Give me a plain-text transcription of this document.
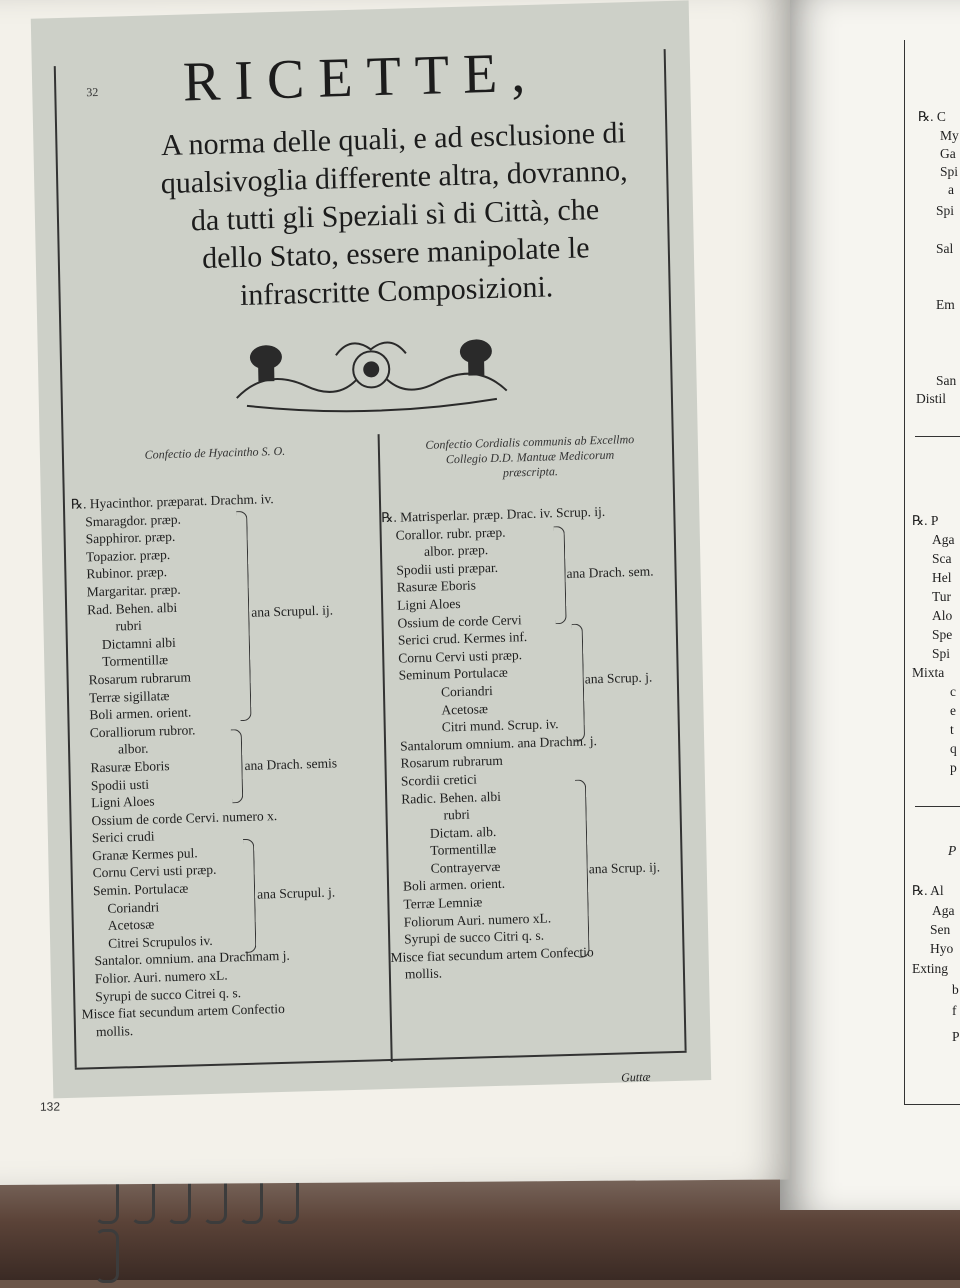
℞. C
My
Ga
Spi
a
Spi
Sal
Em
San
Distil
℞. P
Aga
Sca
Hel
Tur
Alo
Spe
Spi
Mixta
c
e
t
q
p
P
℞. Al
Aga
Sen
Hyo
Exting
b
f
P
32	RICETTE,
A norma delle quali, e ad esclusione di
qualsivoglia differente altra, dovranno,
da tutti gli Speziali sì di Città, che
dello Stato, essere manipolate le
infrascritte Composizioni.
Confectio de Hyacintho S. O.
Confectio Cordialis communis ab Excellmo
Collegio D.D. Mantuæ Medicorum
præscripta.
℞. Hyacinthor. præparat. Drachm. iv.
Smaragdor. præp.
Sapphiror. præp.
Topazior. præp.
Rubinor. præp.
Margaritar. præp.
Rad. Behen. albi
rubri
Dictamni albi
Tormentillæ
Rosarum rubrarum
Terræ sigillatæ
Boli armen. orient.
Coralliorum rubror.
albor.
Rasuræ Eboris
Spodii usti
Ligni Aloes
Ossium de corde Cervi. numero x.
Serici crudi
Granæ Kermes pul.
Cornu Cervi usti præp.
Semin. Portulacæ
Coriandri
Acetosæ
Citrei Scrupulos iv.
Santalor. omnium. ana Drachmam j.
Folior. Auri. numero xL.
Syrupi de succo Citrei q. s.
Misce fiat secundum artem Confectio
mollis.
ana Scrupul. ij.
ana Drach. semis
ana Scrupul. j.
℞. Matrisperlar. præp. Drac. iv. Scrup. ij.
Corallor. rubr. præp.
albor. præp.
Spodii usti præpar.
Rasuræ Eboris
Ligni Aloes
Ossium de corde Cervi
Serici crud. Kermes inf.
Cornu Cervi usti præp.
Seminum Portulacæ
Coriandri
Acetosæ
Citri mund. Scrup. iv.
Santalorum omnium. ana Drachm. j.
Rosarum rubrarum
Scordii cretici
Radic. Behen. albi
rubri
Dictam. alb.
Tormentillæ
Contrayervæ
Boli armen. orient.
Terræ Lemniæ
Foliorum Auri. numero xL.
Syrupi de succo Citri q. s.
Misce fiat secundum artem Confectio
mollis.
ana Drach. sem.
ana Scrup. j.
ana Scrup. ij.
Guttæ
132
